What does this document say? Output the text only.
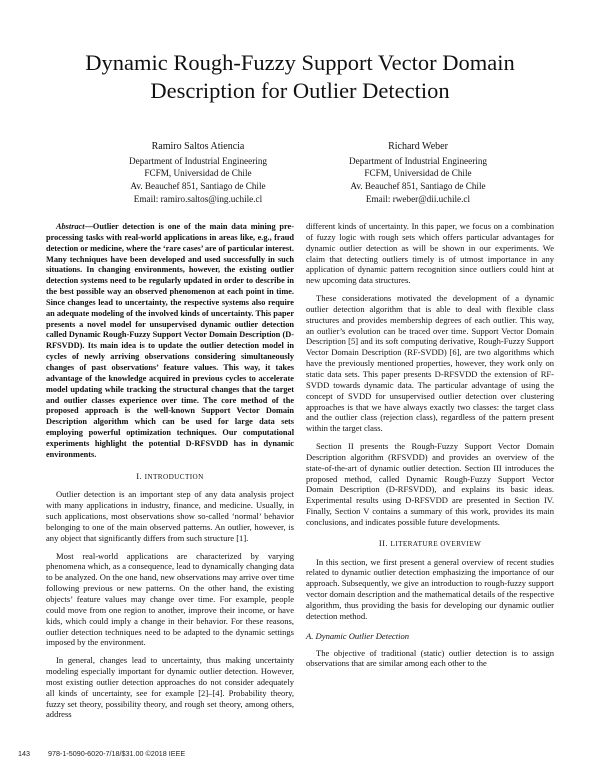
Dynamic Rough-Fuzzy Support Vector Domain
Description for Outlier Detection
Ramiro Saltos Atiencia
Department of Industrial Engineering
FCFM, Universidad de Chile
Av. Beauchef 851, Santiago de Chile
Email: ramiro.saltos@ing.uchile.cl
Richard Weber
Department of Industrial Engineering
FCFM, Universidad de Chile
Av. Beauchef 851, Santiago de Chile
Email: rweber@dii.uchile.cl

Abstract—Outlier detection is one of the main data mining pre-processing tasks with real-world applications in areas like, e.g., fraud detection or medicine, where the ‘rare cases’ are of particular interest. Many techniques have been developed and used successfully in such situations. In changing environments, however, the existing outlier detection systems need to be regularly updated in order to describe in the best possible way an observed phenomenon at each point in time. Since changes lead to uncertainty, the respective systems also require an adequate modeling of the involved kinds of uncertainty. This paper presents a novel model for unsupervised dynamic outlier detection called Dynamic Rough-Fuzzy Support Vector Domain Description (D-RFSVDD). Its main idea is to update the outlier detection model in cycles of newly arriving observations considering simultaneously changes of past observations’ feature values. This way, it takes advantage of the knowledge acquired in previous cycles to accelerate model updating while tracking the structural changes that the target and outlier classes experience over time. The core method of the proposed approach is the well-known Support Vector Domain Description algorithm which can be used for large data sets employing powerful optimization techniques. Our computational experiments highlight the potential D-RFSVDD has in dynamic environments.

I. INTRODUCTION

Outlier detection is an important step of any data analysis project with many applications in industry, finance, and medicine. Usually, in such applications, most observations show so-called ‘normal’ behavior belonging to one of the main observed patterns. An outlier, however, is any object that significantly differs from such structure [1].

Most real-world applications are characterized by varying phenomena which, as a consequence, lead to dynamically changing data to be analyzed. On the one hand, new observations may arrive over time following previous or new patterns. On the other hand, the existing objects’ feature values may change over time. For example, people could move from one region to another, improve their income, or have kids, which could imply a change in their behavior. For these reasons, outlier detection techniques need to be adapted to the dynamic settings imposed by the environment.

In general, changes lead to uncertainty, thus making uncertainty modeling especially important for dynamic outlier detection. However, most existing outlier detection approaches do not consider adequately all kinds of uncertainty, see for example [2]–[4]. Probability theory, fuzzy set theory, possibility theory, and rough set theory, among others, address

different kinds of uncertainty. In this paper, we focus on a combination of fuzzy logic with rough sets which offers particular advantages for dynamic outlier detection as will be shown in our experiments. We claim that detecting outliers timely is of utmost importance in any application of dynamic pattern recognition since outliers could hint at new upcoming data structures.

These considerations motivated the development of a dynamic outlier detection algorithm that is able to deal with flexible class structures and provides membership degrees of each outlier. This way, an outlier’s evolution can be traced over time. Support Vector Domain Description [5] and its soft computing derivative, Rough-Fuzzy Support Vector Domain Description (RF-SVDD) [6], are two algorithms which have the previously mentioned properties, however, they work only on static data sets. This paper presents D-RFSVDD the extension of RF-SVDD towards dynamic data. The particular advantage of using the concept of SVDD for unsupervised outlier detection over clustering approaches is that we have always exactly two classes: the target class and the outlier class (rejection class), regardless of the pattern present within the target class.

Section II presents the Rough-Fuzzy Support Vector Domain Description algorithm (RFSVDD) and provides an overview of the state-of-the-art of dynamic outlier detection. Section III introduces the proposed method, called Dynamic Rough-Fuzzy Support Vector Domain Description (D-RFSVDD), and explains its basic ideas. Experimental results using D-RFSVDD are presented in Section IV. Finally, Section V contains a summary of this work, provides its main conclusions, and indicates possible future developments.

II. LITERATURE OVERVIEW

In this section, we first present a general overview of recent studies related to dynamic outlier detection emphasizing the importance of our approach. Subsequently, we give an introduction to rough-fuzzy support vector domain description and the mathematical details of the respective algorithm, thus providing the basis for developing our dynamic outlier detection method.

A. Dynamic Outlier Detection

The objective of traditional (static) outlier detection is to assign observations that are similar among each other to the

143	978-1-5090-6020-7/18/$31.00 ©2018 IEEE
